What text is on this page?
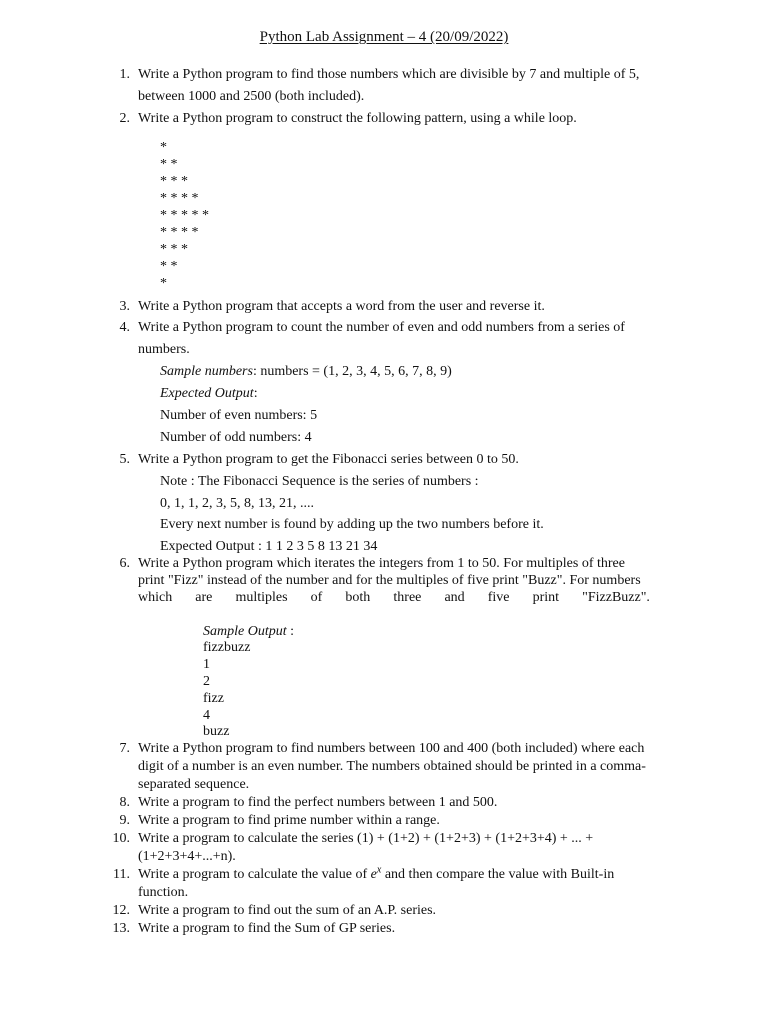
Python Lab Assignment – 4 (20/09/2022)
1. Write a Python program to find those numbers which are divisible by 7 and multiple of 5,
between 1000 and 2500 (both included).
2. Write a Python program to construct the following pattern, using a while loop.
*
* *
* * *
* * * *
* * * * *
* * * *
* * *
* *
*
3. Write a Python program that accepts a word from the user and reverse it.
4. Write a Python program to count the number of even and odd numbers from a series of
numbers.
Sample numbers: numbers = (1, 2, 3, 4, 5, 6, 7, 8, 9)
Expected Output:
Number of even numbers: 5
Number of odd numbers: 4
5. Write a Python program to get the Fibonacci series between 0 to 50.
Note : The Fibonacci Sequence is the series of numbers :
0, 1, 1, 2, 3, 5, 8, 13, 21, ....
Every next number is found by adding up the two numbers before it.
Expected Output : 1 1 2 3 5 8 13 21 34
6. Write a Python program which iterates the integers from 1 to 50. For multiples of three
print "Fizz" instead of the number and for the multiples of five print "Buzz". For numbers
which are multiples of both three and five print "FizzBuzz".
Sample Output :
fizzbuzz
1
2
fizz
4
buzz
7. Write a Python program to find numbers between 100 and 400 (both included) where each
digit of a number is an even number. The numbers obtained should be printed in a comma-
separated sequence.
8. Write a program to find the perfect numbers between 1 and 500.
9. Write a program to find prime number within a range.
10. Write a program to calculate the series (1) + (1+2) + (1+2+3) + (1+2+3+4) + ... +
(1+2+3+4+...+n).
11. Write a program to calculate the value of $e^x$ and then compare the value with Built-in
function.
12. Write a program to find out the sum of an A.P. series.
13. Write a program to find the Sum of GP series.
